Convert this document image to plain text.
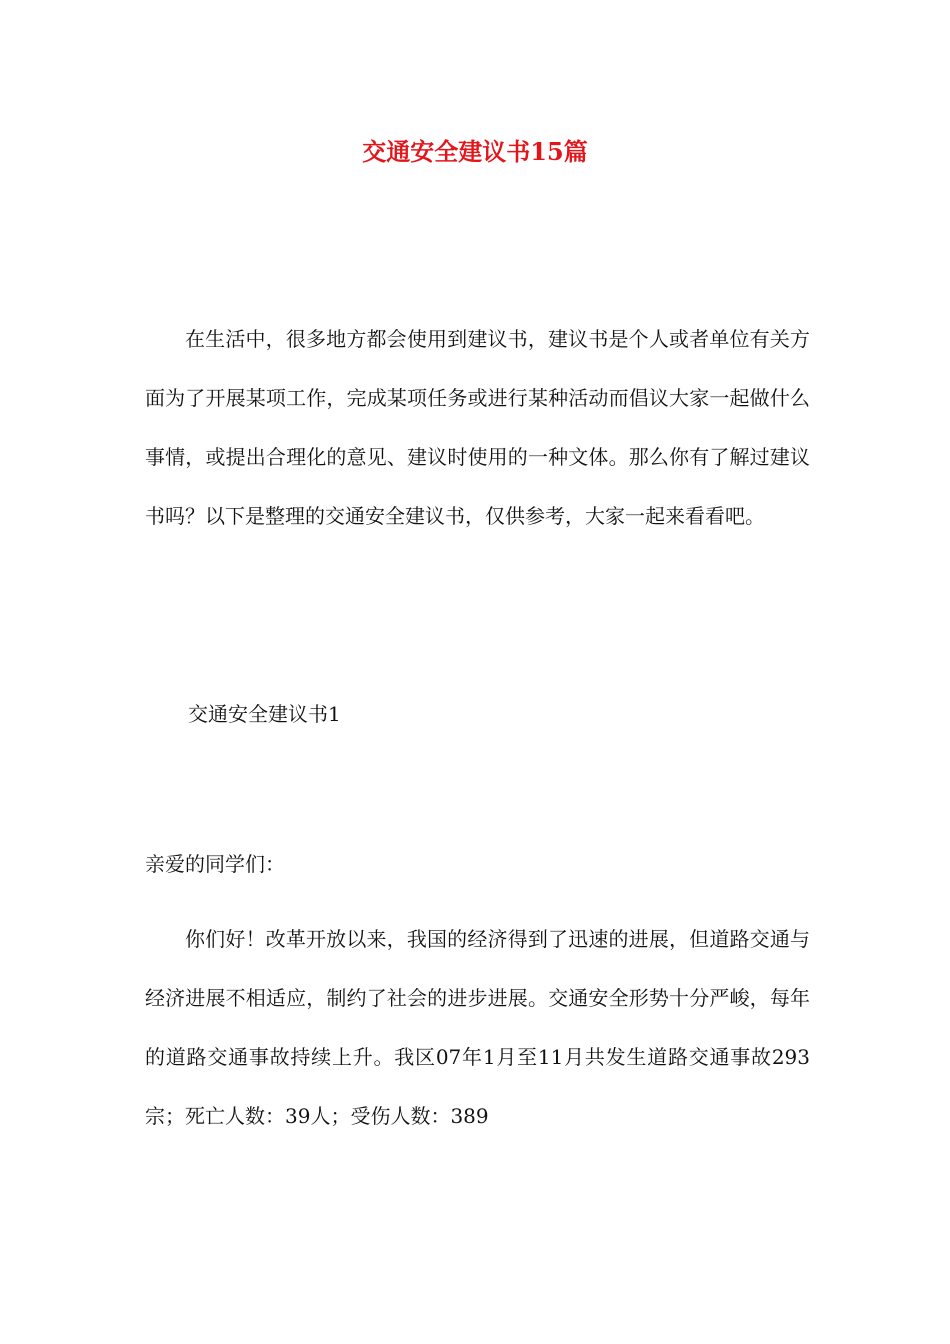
交通安全建议书15篇

在生活中，很多地方都会使用到建议书，建议书是个人或者单位有关方面为了开展某项工作，完成某项任务或进行某种活动而倡议大家一起做什么事情，或提出合理化的意见、建议时使用的一种文体。那么你有了解过建议书吗？以下是整理的交通安全建议书，仅供参考，大家一起来看看吧。

交通安全建议书1

亲爱的同学们：

你们好！改革开放以来，我国的经济得到了迅速的进展，但道路交通与经济进展不相适应，制约了社会的进步进展。交通安全形势十分严峻，每年的道路交通事故持续上升。我区07年1月至11月共发生道路交通事故293宗；死亡人数：39人；受伤人数：389
